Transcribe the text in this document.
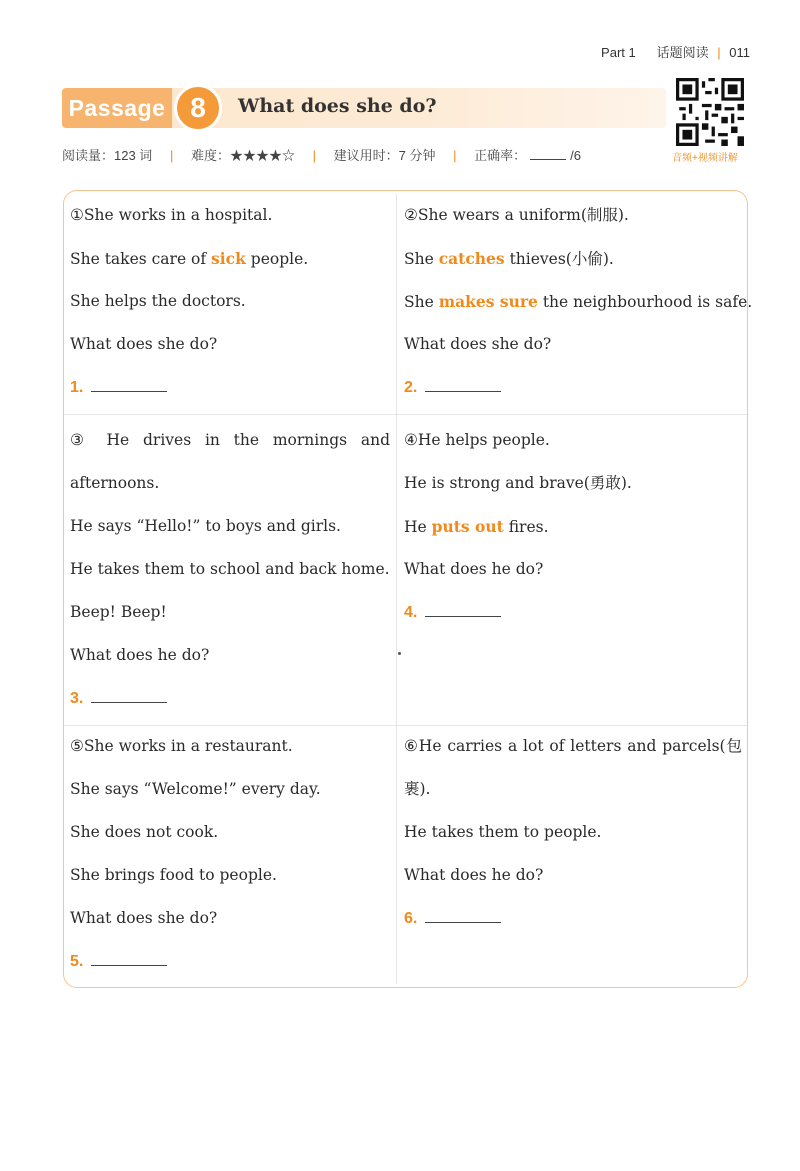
Part 1 话题阅读 | 011
Passage 8	What does she do?
阅读量：123 词 | 难度：★★★★☆ | 建议用时：7 分钟 | 正确率：	/6	音频+视频讲解
①She works in a hospital.
She takes care of sick people.
She helps the doctors.
What does she do?
1.
②She wears a uniform(制服).
She catches thieves(小偷).
She makes sure the neighbourhood is safe.
What does she do?
2.
③ He drives in the mornings and
afternoons.
He says “Hello!” to boys and girls.
He takes them to school and back home.
Beep! Beep!
What does he do?
3.
④He helps people.
He is strong and brave(勇敢).
He puts out fires.
What does he do?
4.
⑤She works in a restaurant.
She says “Welcome!” every day.
She does not cook.
She brings food to people.
What does she do?
5.
⑥He carries a lot of letters and parcels(包
裹).
He takes them to people.
What does he do?
6.
